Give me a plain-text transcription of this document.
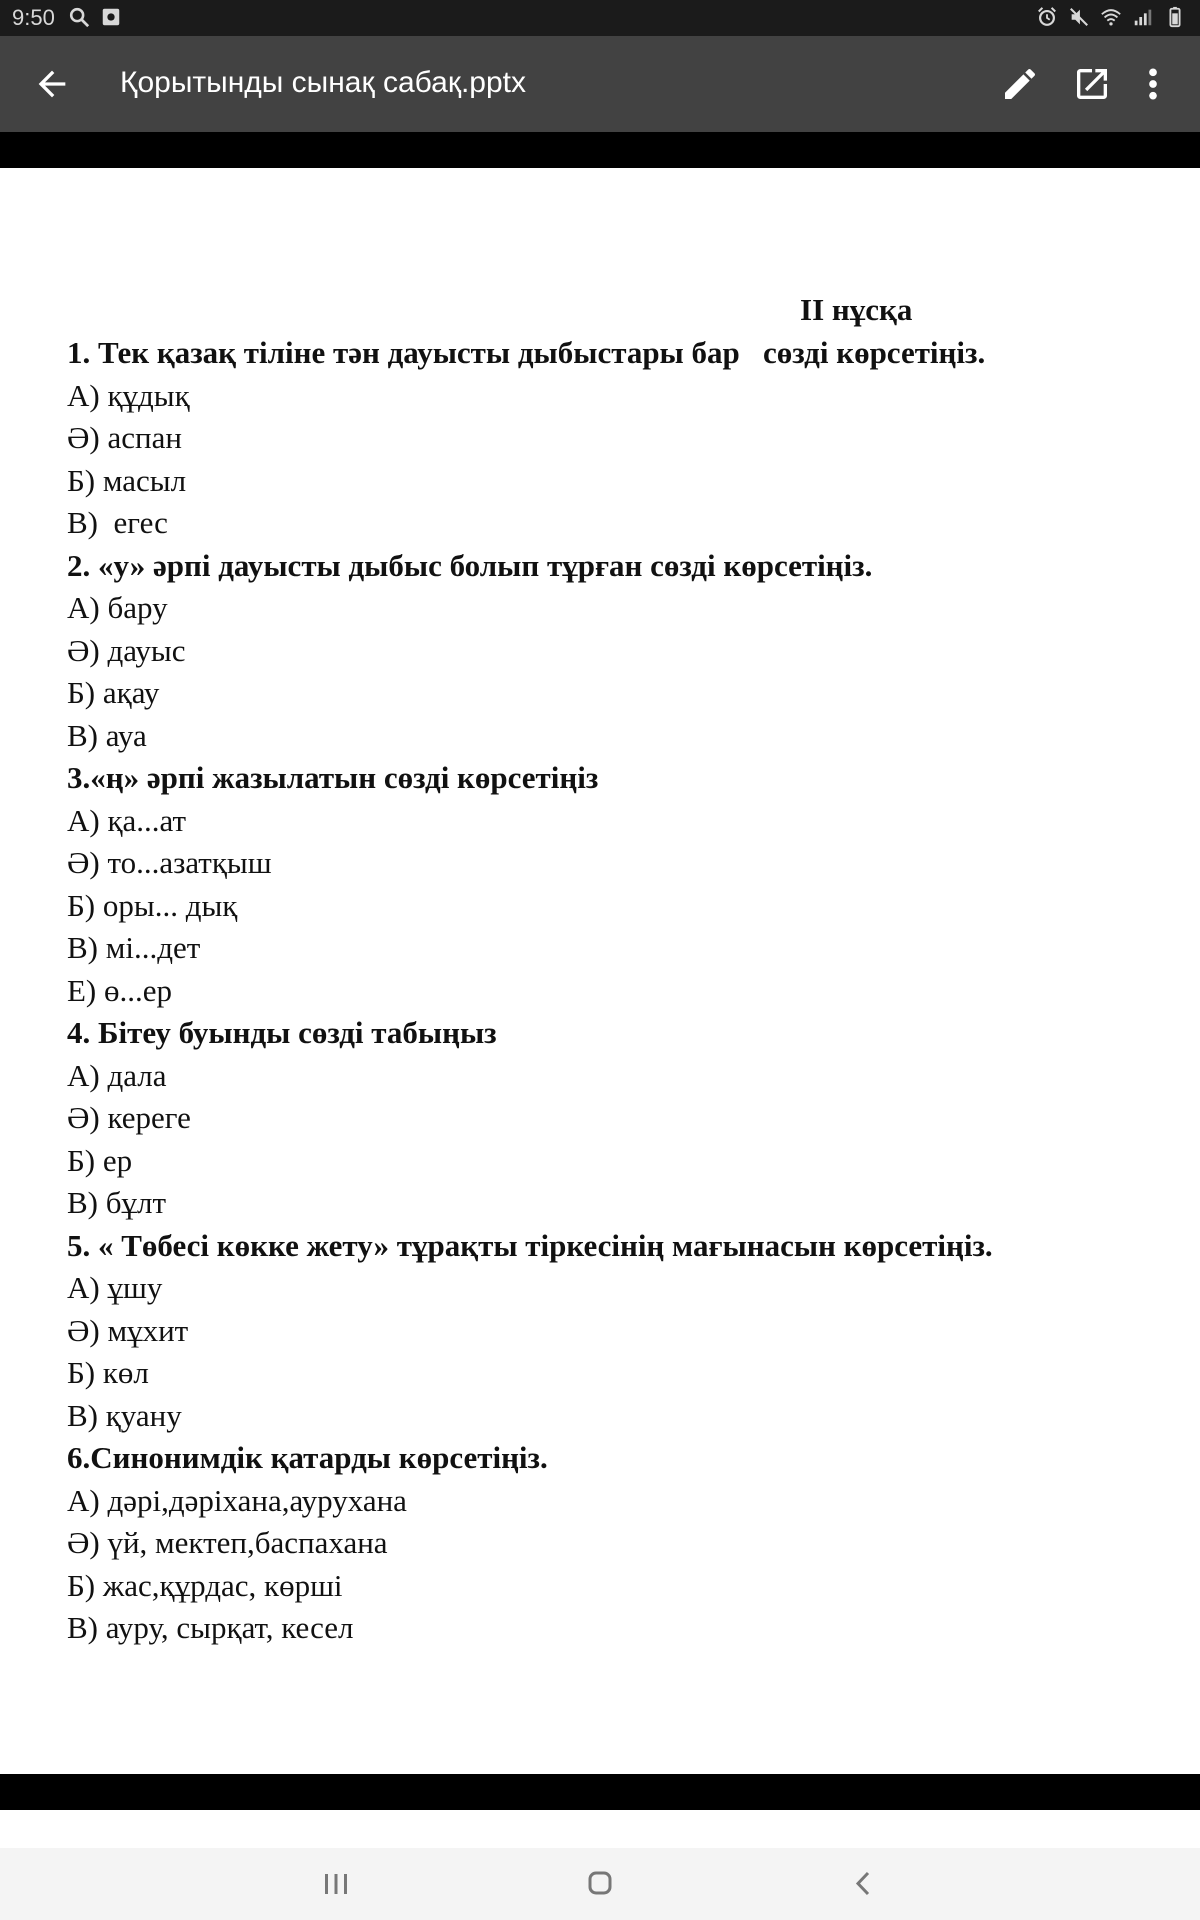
9:50
Қорытынды сынақ сабақ.pptx
II нұсқа
1. Тек қазақ тіліне тән дауысты дыбыстары бар   сөзді көрсетіңіз.
А) құдық
Ә) аспан
Б) масыл
В)  егес
2. «у» әрпі дауысты дыбыс болып тұрған сөзді көрсетіңіз.
А) бару
Ә) дауыс
Б) ақау
В) ауа
3.«ң» әрпі жазылатын сөзді көрсетіңіз
А) қа...ат
Ә) то...азатқыш
Б) оры... дық
В) мі...дет
Е) ө...ер
4. Бітеу буынды сөзді табыңыз
А) дала
Ә) кереге
Б) ер
В) бұлт
5. « Төбесі көкке жету» тұрақты тіркесінің мағынасын көрсетіңіз.
А) ұшу
Ә) мұхит
Б) көл
В) қуану
6.Синонимдік қатарды көрсетіңіз.
А) дәрі,дәріхана,аурухана
Ә) үй, мектеп,баспахана
Б) жас,құрдас, көрші
В) ауру, сырқат, кесел
